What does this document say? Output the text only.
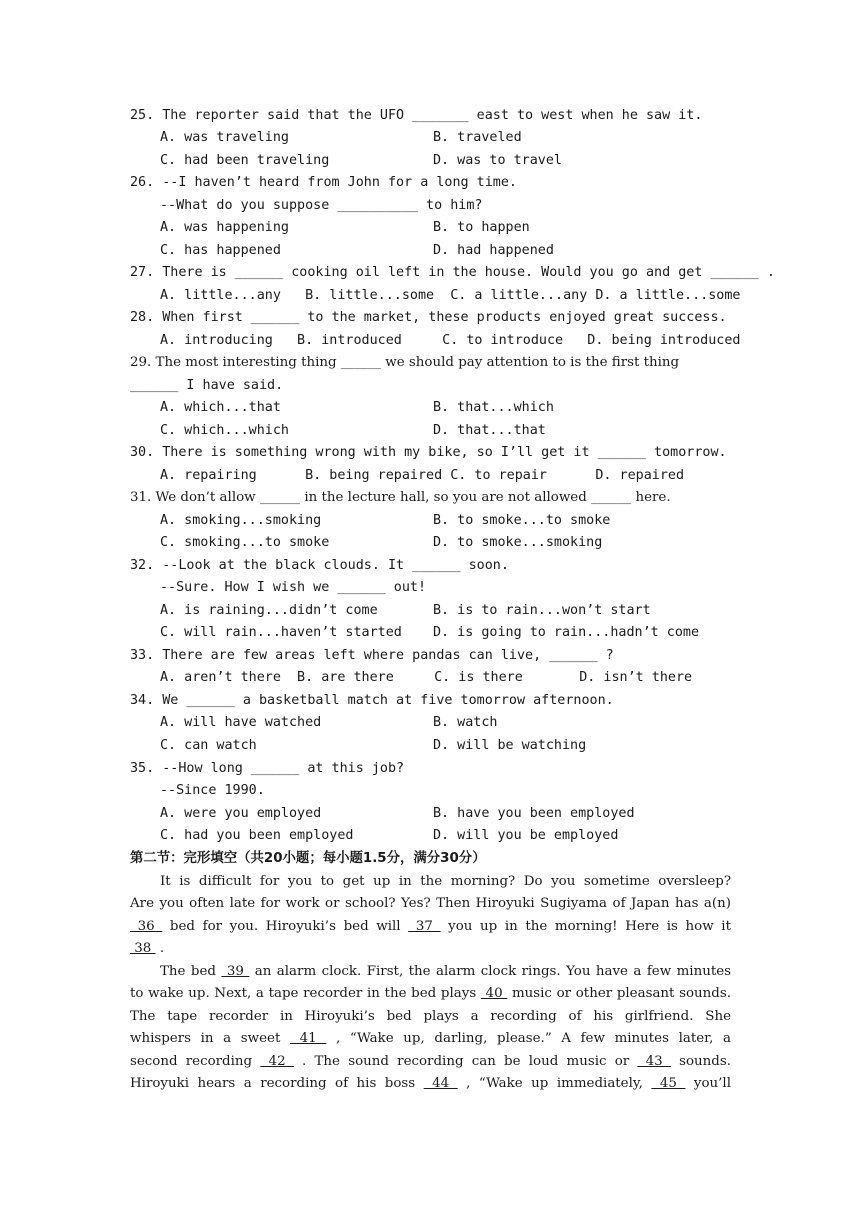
25. The reporter said that the UFO _______ east to west when he saw it.
A. was traveling	B. traveled
C. had been traveling	D. was to travel
26. --I haven’t heard from John for a long time.
--What do you suppose __________ to him?
A. was happening	B. to happen
C. has happened	D. had happened
27. There is ______ cooking oil left in the house. Would you go and get ______ .
A. little...any   B. little...some  C. a little...any D. a little...some
28. When first ______ to the market, these products enjoyed great success.
A. introducing   B. introduced     C. to introduce   D. being introduced
29. The most interesting thing ______ we should pay attention to is the first thing
______ I have said.
A. which...that	B. that...which
C. which...which	D. that...that
30. There is something wrong with my bike, so I’ll get it ______ tomorrow.
A. repairing      B. being repaired C. to repair      D. repaired
31. We don’t allow ______ in the lecture hall, so you are not allowed ______ here.
A. smoking...smoking	B. to smoke...to smoke
C. smoking...to smoke	D. to smoke...smoking
32. --Look at the black clouds. It ______ soon.
--Sure. How I wish we ______ out!
A. is raining...didn’t come	B. is to rain...won’t start
C. will rain...haven’t started D. is going to rain...hadn’t come
33. There are few areas left where pandas can live, ______ ?
A. aren’t there  B. are there     C. is there       D. isn’t there
34. We ______ a basketball match at five tomorrow afternoon.
A. will have watched	B. watch
C. can watch	D. will be watching
35. --How long ______ at this job?
--Since 1990.
A. were you employed	B. have you been employed
C. had you been employed	D. will you be employed
第二节：完形填空（共20小题；每小题1.5分，满分30分）
It is difficult for you to get up in the morning? Do you sometime oversleep?
Are you often late for work or school? Yes? Then Hiroyuki Sugiyama of Japan has a(n)
36  bed for you. Hiroyuki’s bed will  37  you up in the morning! Here is how it
38  .
The bed  39  an alarm clock. First, the alarm clock rings. You have a few minutes
to wake up. Next, a tape recorder in the bed plays  40  music or other pleasant sounds.
The tape recorder in Hiroyuki’s bed plays a recording of his girlfriend. She
whispers in a sweet  41  , “Wake up, darling, please.” A few minutes later, a
second recording  42  . The sound recording can be loud music or  43  sounds.
Hiroyuki hears a recording of his boss  44  , “Wake up immediately,  45  you’ll
